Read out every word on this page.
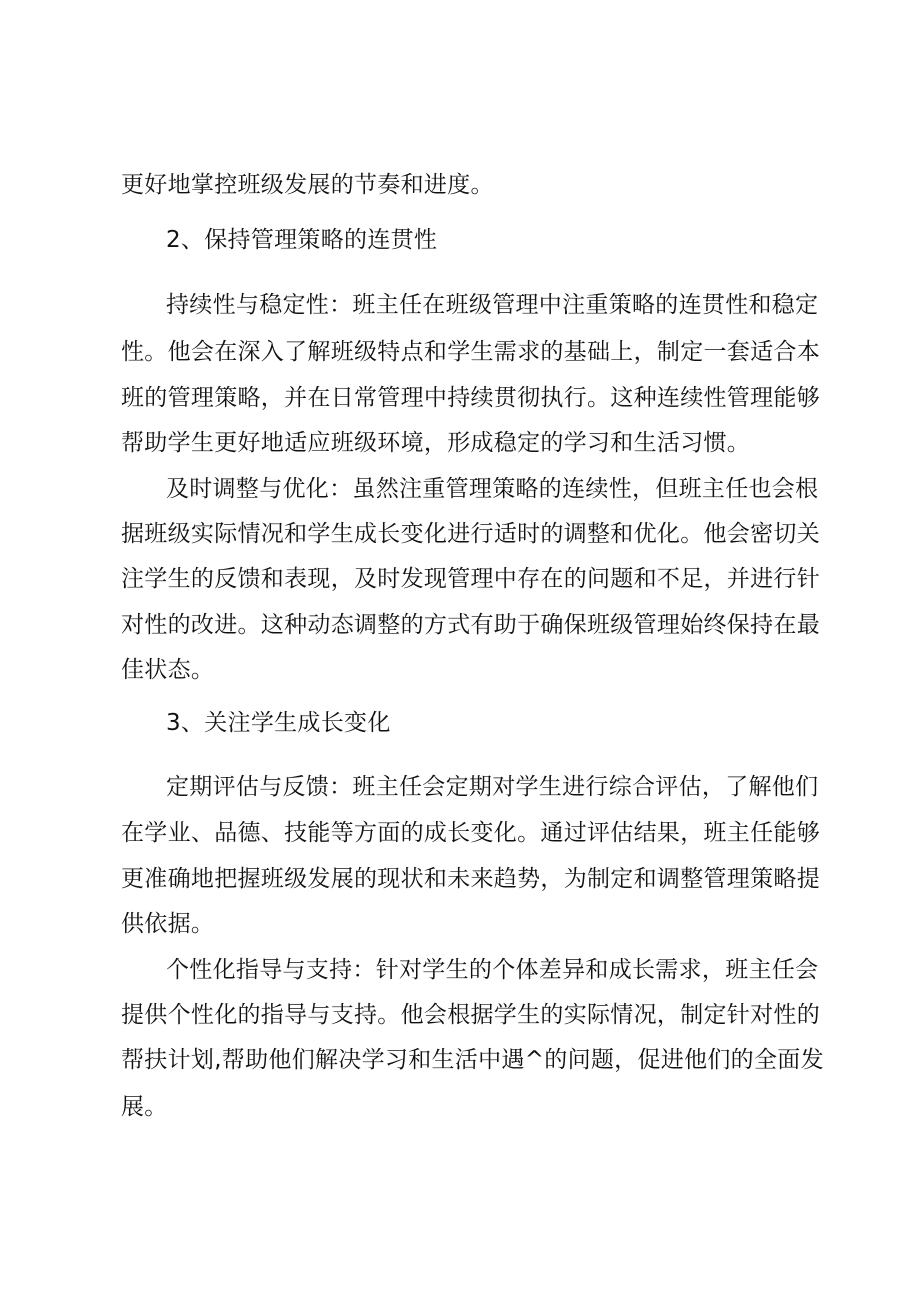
更好地掌控班级发展的节奏和进度。

2、保持管理策略的连贯性

持续性与稳定性：班主任在班级管理中注重策略的连贯性和稳定

性。他会在深入了解班级特点和学生需求的基础上，制定一套适合本

班的管理策略，并在日常管理中持续贯彻执行。这种连续性管理能够

帮助学生更好地适应班级环境，形成稳定的学习和生活习惯。

及时调整与优化：虽然注重管理策略的连续性，但班主任也会根

据班级实际情况和学生成长变化进行适时的调整和优化。他会密切关

注学生的反馈和表现，及时发现管理中存在的问题和不足，并进行针

对性的改进。这种动态调整的方式有助于确保班级管理始终保持在最

佳状态。

3、关注学生成长变化

定期评估与反馈：班主任会定期对学生进行综合评估，了解他们

在学业、品德、技能等方面的成长变化。通过评估结果，班主任能够

更准确地把握班级发展的现状和未来趋势，为制定和调整管理策略提

供依据。

个性化指导与支持：针对学生的个体差异和成长需求，班主任会

提供个性化的指导与支持。他会根据学生的实际情况，制定针对性的

帮扶计划,帮助他们解决学习和生活中遇^的问题，促进他们的全面发

展。
